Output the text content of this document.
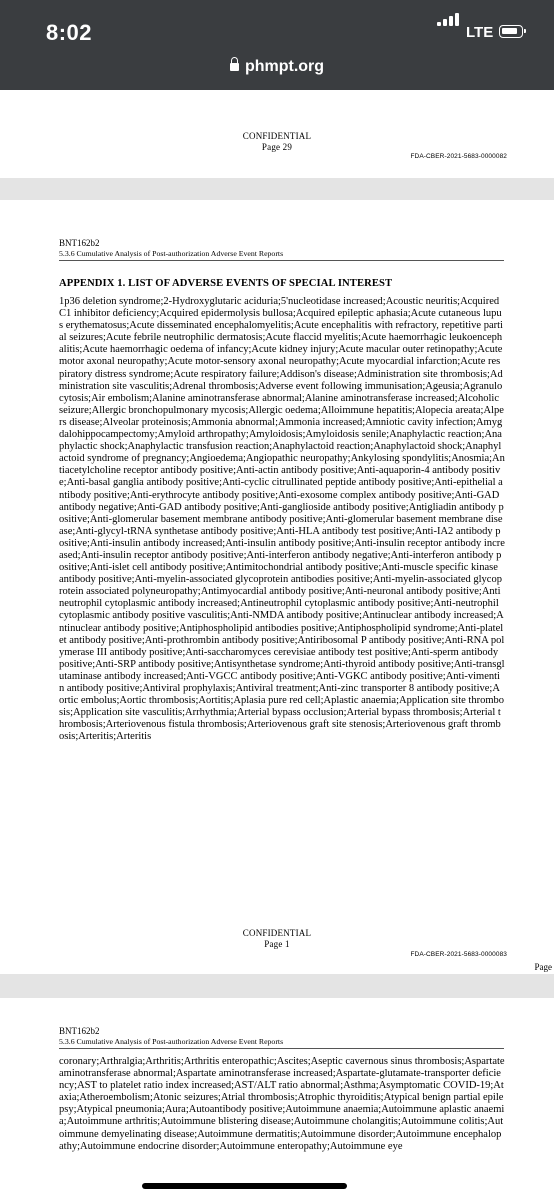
8:02	LTE
phmpt.org
CONFIDENTIAL
Page 29
FDA-CBER-2021-5683-0000082
BNT162b2
5.3.6 Cumulative Analysis of Post-authorization Adverse Event Reports
APPENDIX 1. LIST OF ADVERSE EVENTS OF SPECIAL INTEREST
1p36 deletion syndrome;2-Hydroxyglutaric aciduria;5'nucleotidase increased;Acoustic neuritis;Acquired C1 inhibitor deficiency;Acquired epidermolysis bullosa;Acquired epileptic aphasia;Acute cutaneous lupus erythematosus;Acute disseminated encephalomyelitis;Acute encephalitis with refractory, repetitive partial seizures;Acute febrile neutrophilic dermatosis;Acute flaccid myelitis;Acute haemorrhagic leukoencephalitis;Acute haemorrhagic oedema of infancy;Acute kidney injury;Acute macular outer retinopathy;Acute motor axonal neuropathy;Acute motor-sensory axonal neuropathy;Acute myocardial infarction;Acute respiratory distress syndrome;Acute respiratory failure;Addison's disease;Administration site thrombosis;Administration site vasculitis;Adrenal thrombosis;Adverse event following immunisation;Ageusia;Agranulocytosis;Air embolism;Alanine aminotransferase abnormal;Alanine aminotransferase increased;Alcoholic seizure;Allergic bronchopulmonary mycosis;Allergic oedema;Alloimmune hepatitis;Alopecia areata;Alpers disease;Alveolar proteinosis;Ammonia abnormal;Ammonia increased;Amniotic cavity infection;Amygdalohippocampectomy;Amyloid arthropathy;Amyloidosis;Amyloidosis senile;Anaphylactic reaction;Anaphylactic shock;Anaphylactic transfusion reaction;Anaphylactoid reaction;Anaphylactoid shock;Anaphylactoid syndrome of pregnancy;Angioedema;Angiopathic neuropathy;Ankylosing spondylitis;Anosmia;Antiacetylcholine receptor antibody positive;Anti-actin antibody positive;Anti-aquaporin-4 antibody positive;Anti-basal ganglia antibody positive;Anti-cyclic citrullinated peptide antibody positive;Anti-epithelial antibody positive;Anti-erythrocyte antibody positive;Anti-exosome complex antibody positive;Anti-GAD antibody negative;Anti-GAD antibody positive;Anti-ganglioside antibody positive;Antigliadin antibody positive;Anti-glomerular basement membrane antibody positive;Anti-glomerular basement membrane disease;Anti-glycyl-tRNA synthetase antibody positive;Anti-HLA antibody test positive;Anti-IA2 antibody positive;Anti-insulin antibody increased;Anti-insulin antibody positive;Anti-insulin receptor antibody increased;Anti-insulin receptor antibody positive;Anti-interferon antibody negative;Anti-interferon antibody positive;Anti-islet cell antibody positive;Antimitochondrial antibody positive;Anti-muscle specific kinase antibody positive;Anti-myelin-associated glycoprotein antibodies positive;Anti-myelin-associated glycoprotein associated polyneuropathy;Antimyocardial antibody positive;Anti-neuronal antibody positive;Antineutrophil cytoplasmic antibody increased;Antineutrophil cytoplasmic antibody positive;Anti-neutrophil cytoplasmic antibody positive vasculitis;Anti-NMDA antibody positive;Antinuclear antibody increased;Antinuclear antibody positive;Antiphospholipid antibodies positive;Antiphospholipid syndrome;Anti-platelet antibody positive;Anti-prothrombin antibody positive;Antiribosomal P antibody positive;Anti-RNA polymerase III antibody positive;Anti-saccharomyces cerevisiae antibody test positive;Anti-sperm antibody positive;Anti-SRP antibody positive;Antisynthetase syndrome;Anti-thyroid antibody positive;Anti-transglutaminase antibody increased;Anti-VGCC antibody positive;Anti-VGKC antibody positive;Anti-vimentin antibody positive;Antiviral prophylaxis;Antiviral treatment;Anti-zinc transporter 8 antibody positive;Aortic embolus;Aortic thrombosis;Aortitis;Aplasia pure red cell;Aplastic anaemia;Application site thrombosis;Application site vasculitis;Arrhythmia;Arterial bypass occlusion;Arterial bypass thrombosis;Arterial thrombosis;Arteriovenous fistula thrombosis;Arteriovenous graft site stenosis;Arteriovenous graft thrombosis;Arteritis;Arteritis
CONFIDENTIAL
Page 1
FDA-CBER-2021-5683-0000083
Page
BNT162b2
5.3.6 Cumulative Analysis of Post-authorization Adverse Event Reports
coronary;Arthralgia;Arthritis;Arthritis enteropathic;Ascites;Aseptic cavernous sinus thrombosis;Aspartate aminotransferase abnormal;Aspartate aminotransferase increased;Aspartate-glutamate-transporter deficiency;AST to platelet ratio index increased;AST/ALT ratio abnormal;Asthma;Asymptomatic COVID-19;Ataxia;Atheroembolism;Atonic seizures;Atrial thrombosis;Atrophic thyroiditis;Atypical benign partial epilepsy;Atypical pneumonia;Aura;Autoantibody positive;Autoimmune anaemia;Autoimmune aplastic anaemia;Autoimmune arthritis;Autoimmune blistering disease;Autoimmune cholangitis;Autoimmune colitis;Autoimmune demyelinating disease;Autoimmune dermatitis;Autoimmune disorder;Autoimmune encephalopathy;Autoimmune endocrine disorder;Autoimmune enteropathy;Autoimmune eye
